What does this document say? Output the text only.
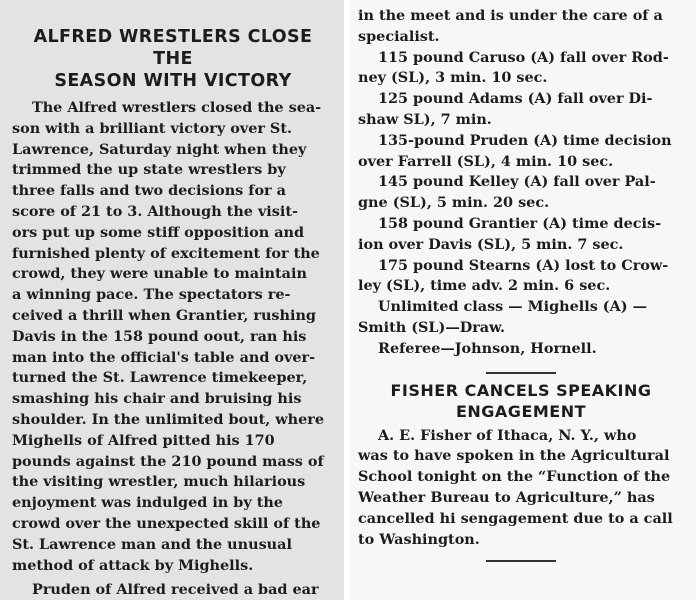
ALFRED WRESTLERS CLOSE THE
SEASON WITH VICTORY

The Alfred wrestlers closed the sea-
son with a brilliant victory over St.
Lawrence, Saturday night when they
trimmed the up state wrestlers by
three falls and two decisions for a
score of 21 to 3. Although the visit-
ors put up some stiff opposition and
furnished plenty of excitement for the
crowd, they were unable to maintain
a winning pace. The spectators re-
ceived a thrill when Grantier, rushing
Davis in the 158 pound oout, ran his
man into the official's table and over-
turned the St. Lawrence timekeeper,
smashing his chair and bruising his
shoulder. In the unlimited bout, where
Mighells of Alfred pitted his 170
pounds against the 210 pound mass of
the visiting wrestler, much hilarious
enjoyment was indulged in by the
crowd over the unexpected skill of the
St. Lawrence man and the unusual
method of attack by Mighells.

Pruden of Alfred received a bad ear

in the meet and is under the care of a
specialist.

115 pound Caruso (A) fall over Rod-
ney (SL), 3 min. 10 sec.

125 pound Adams (A) fall over Di-
shaw SL), 7 min.

135-pound Pruden (A) time decision
over Farrell (SL), 4 min. 10 sec.

145 pound Kelley (A) fall over Pal-
gne (SL), 5 min. 20 sec.

158 pound Grantier (A) time decis-
ion over Davis (SL), 5 min. 7 sec.

175 pound Stearns (A) lost to Crow-
ley (SL), time adv. 2 min. 6 sec.

Unlimited class — Mighells (A) —
Smith (SL)—Draw.

Referee—Johnson, Hornell.

FISHER CANCELS SPEAKING
ENGAGEMENT

A. E. Fisher of Ithaca, N. Y., who
was to have spoken in the Agricultural
School tonight on the “Function of the
Weather Bureau to Agriculture,” has
cancelled hi sengagement due to a call
to Washington.
